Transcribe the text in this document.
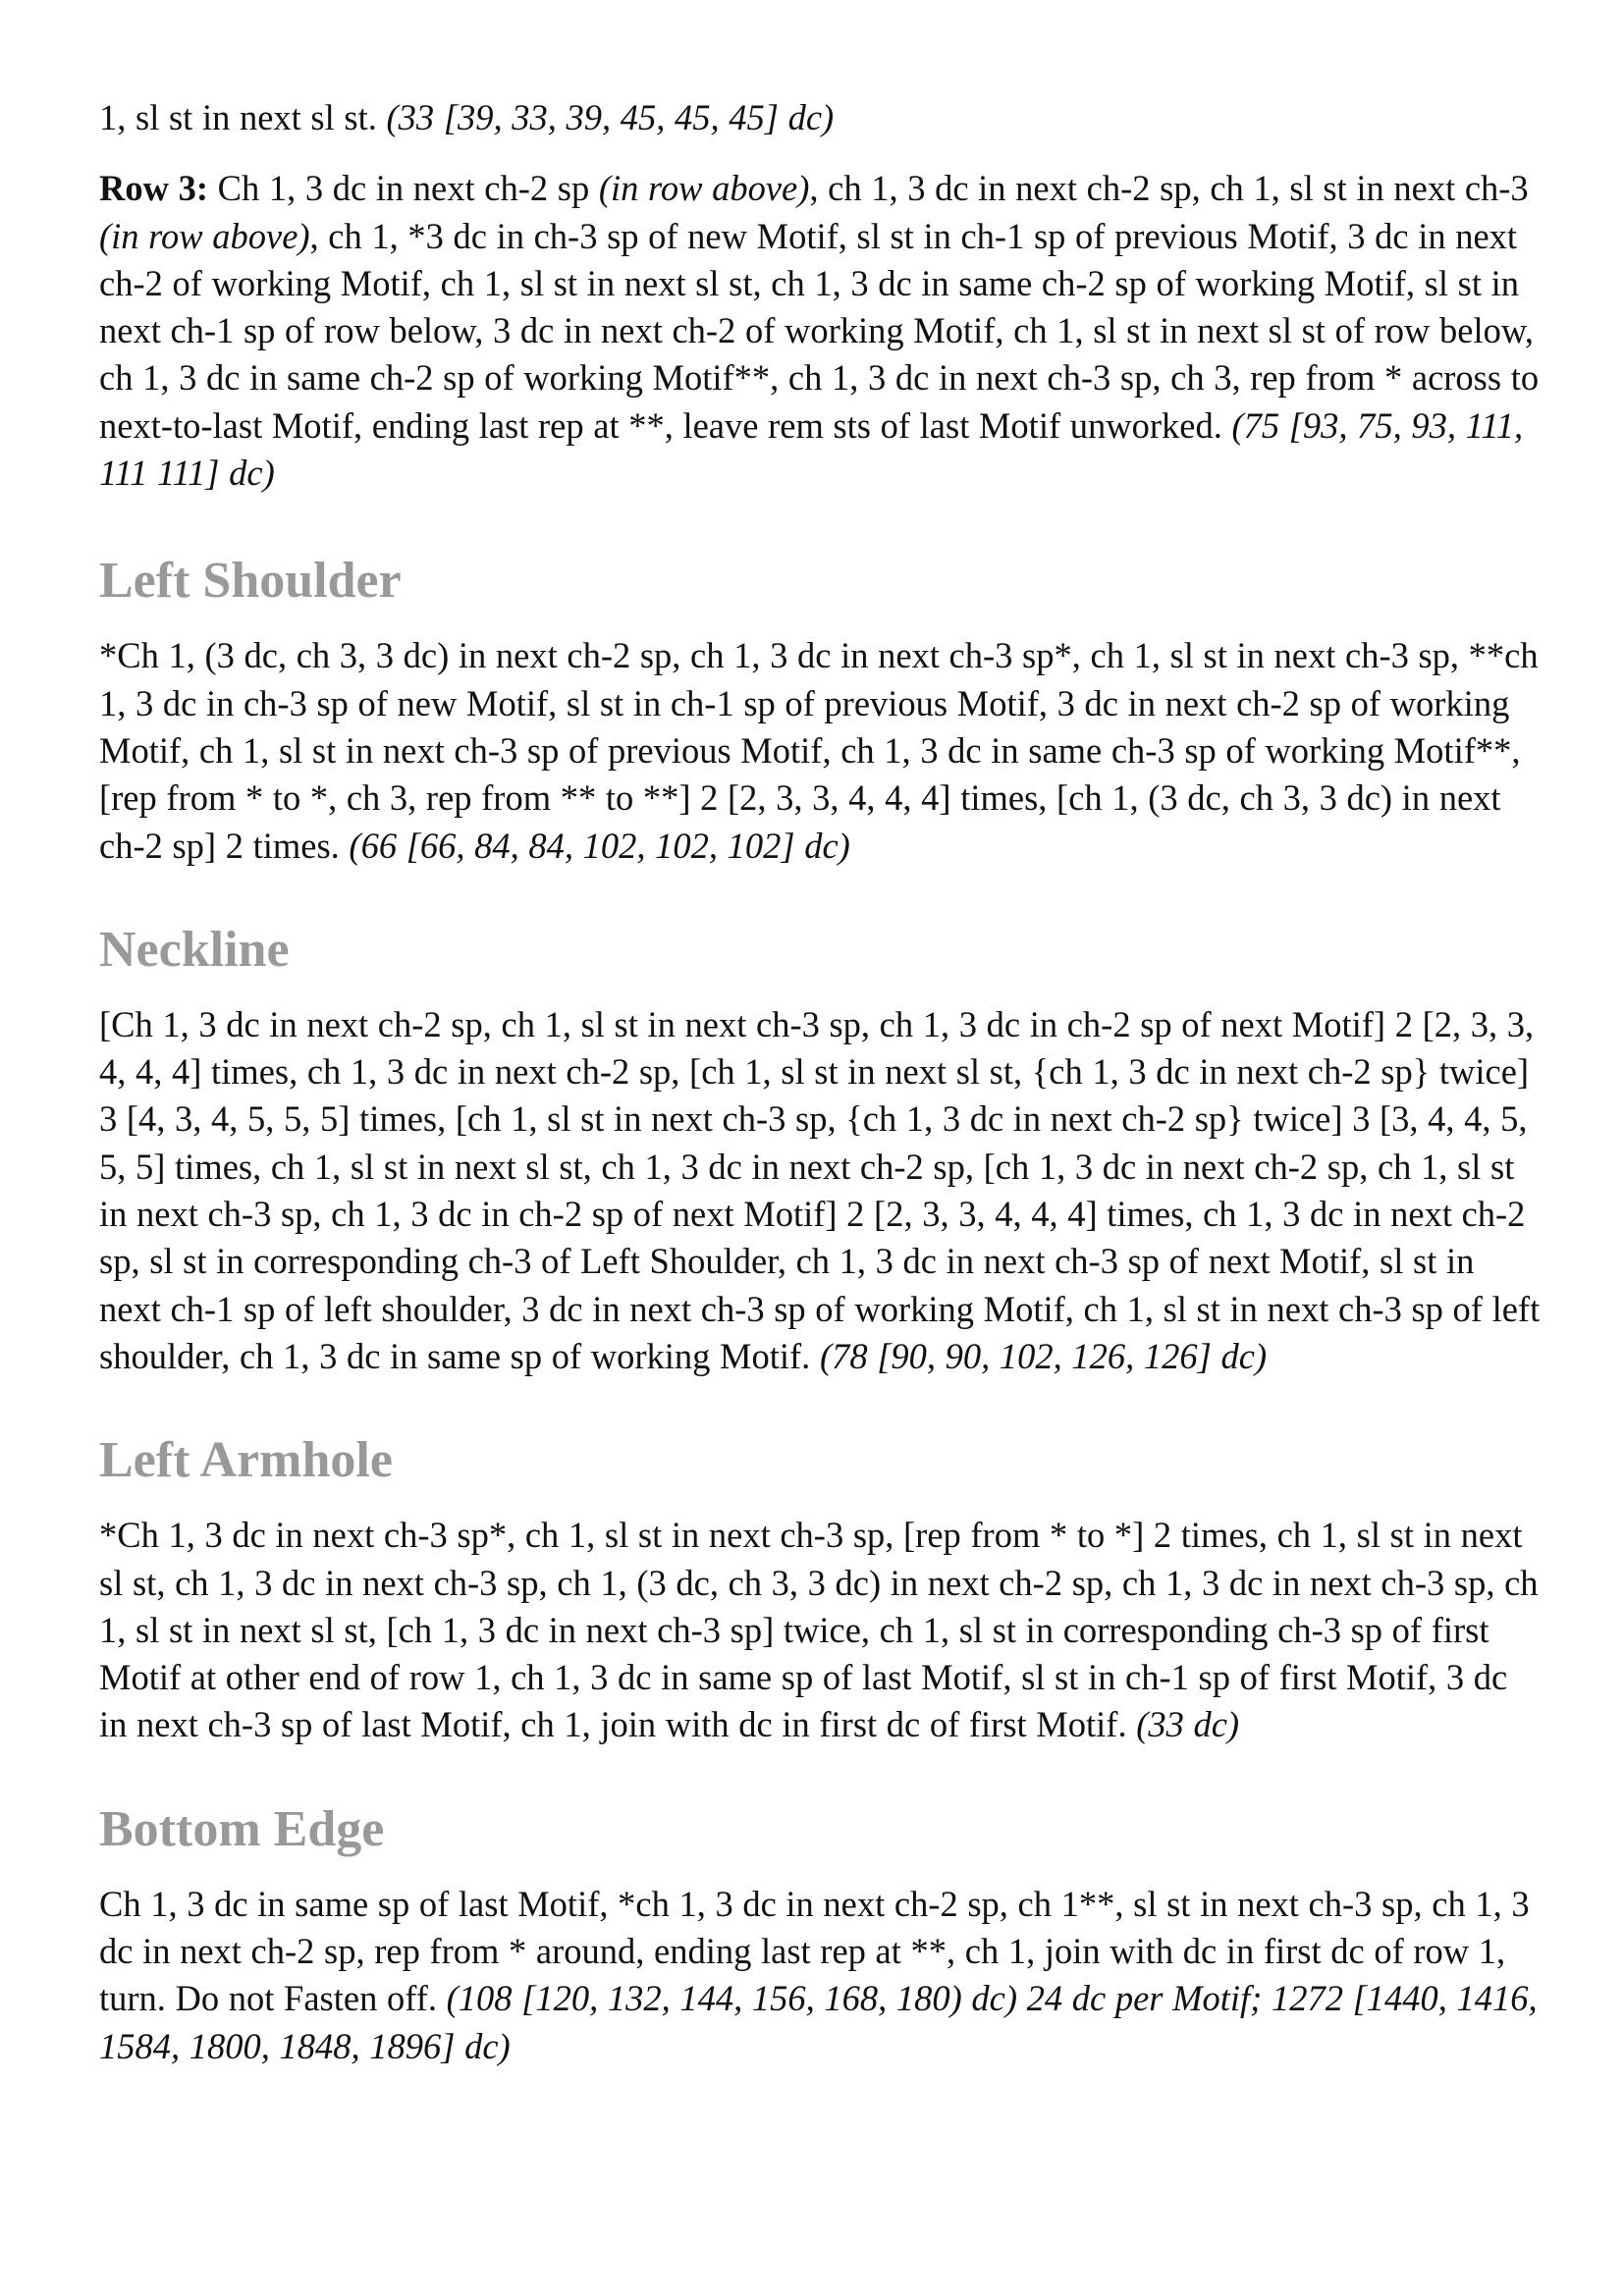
1, sl st in next sl st. (33 [39, 33, 39, 45, 45, 45] dc)

Row 3: Ch 1, 3 dc in next ch-2 sp (in row above), ch 1, 3 dc in next ch-2 sp, ch 1, sl st in next ch-3 (in row above), ch 1, *3 dc in ch-3 sp of new Motif, sl st in ch-1 sp of previous Motif, 3 dc in next ch-2 of working Motif, ch 1, sl st in next sl st, ch 1, 3 dc in same ch-2 sp of working Motif, sl st in next ch-1 sp of row below, 3 dc in next ch-2 of working Motif, ch 1, sl st in next sl st of row below, ch 1, 3 dc in same ch-2 sp of working Motif**, ch 1, 3 dc in next ch-3 sp, ch 3, rep from * across to next-to-last Motif, ending last rep at **, leave rem sts of last Motif unworked. (75 [93, 75, 93, 111, 111 111] dc)

Left Shoulder

*Ch 1, (3 dc, ch 3, 3 dc) in next ch-2 sp, ch 1, 3 dc in next ch-3 sp*, ch 1, sl st in next ch-3 sp, **ch 1, 3 dc in ch-3 sp of new Motif, sl st in ch-1 sp of previous Motif, 3 dc in next ch-2 sp of working Motif, ch 1, sl st in next ch-3 sp of previous Motif, ch 1, 3 dc in same ch-3 sp of working Motif**, [rep from * to *, ch 3, rep from ** to **] 2 [2, 3, 3, 4, 4, 4] times, [ch 1, (3 dc, ch 3, 3 dc) in next ch-2 sp] 2 times. (66 [66, 84, 84, 102, 102, 102] dc)

Neckline

[Ch 1, 3 dc in next ch-2 sp, ch 1, sl st in next ch-3 sp, ch 1, 3 dc in ch-2 sp of next Motif] 2 [2, 3, 3, 4, 4, 4] times, ch 1, 3 dc in next ch-2 sp, [ch 1, sl st in next sl st, {ch 1, 3 dc in next ch-2 sp} twice] 3 [4, 3, 4, 5, 5, 5] times, [ch 1, sl st in next ch-3 sp, {ch 1, 3 dc in next ch-2 sp} twice] 3 [3, 4, 4, 5, 5, 5] times, ch 1, sl st in next sl st, ch 1, 3 dc in next ch-2 sp, [ch 1, 3 dc in next ch-2 sp, ch 1, sl st in next ch-3 sp, ch 1, 3 dc in ch-2 sp of next Motif] 2 [2, 3, 3, 4, 4, 4] times, ch 1, 3 dc in next ch-2 sp, sl st in corresponding ch-3 of Left Shoulder, ch 1, 3 dc in next ch-3 sp of next Motif, sl st in next ch-1 sp of left shoulder, 3 dc in next ch-3 sp of working Motif, ch 1, sl st in next ch-3 sp of left shoulder, ch 1, 3 dc in same sp of working Motif. (78 [90, 90, 102, 126, 126] dc)

Left Armhole

*Ch 1, 3 dc in next ch-3 sp*, ch 1, sl st in next ch-3 sp, [rep from * to *] 2 times, ch 1, sl st in next sl st, ch 1, 3 dc in next ch-3 sp, ch 1, (3 dc, ch 3, 3 dc) in next ch-2 sp, ch 1, 3 dc in next ch-3 sp, ch 1, sl st in next sl st, [ch 1, 3 dc in next ch-3 sp] twice, ch 1, sl st in corresponding ch-3 sp of first Motif at other end of row 1, ch 1, 3 dc in same sp of last Motif, sl st in ch-1 sp of first Motif, 3 dc in next ch-3 sp of last Motif, ch 1, join with dc in first dc of first Motif. (33 dc)

Bottom Edge

Ch 1, 3 dc in same sp of last Motif, *ch 1, 3 dc in next ch-2 sp, ch 1**, sl st in next ch-3 sp, ch 1, 3 dc in next ch-2 sp, rep from * around, ending last rep at **, ch 1, join with dc in first dc of row 1, turn. Do not Fasten off. (108 [120, 132, 144, 156, 168, 180) dc) 24 dc per Motif; 1272 [1440, 1416, 1584, 1800, 1848, 1896] dc)
